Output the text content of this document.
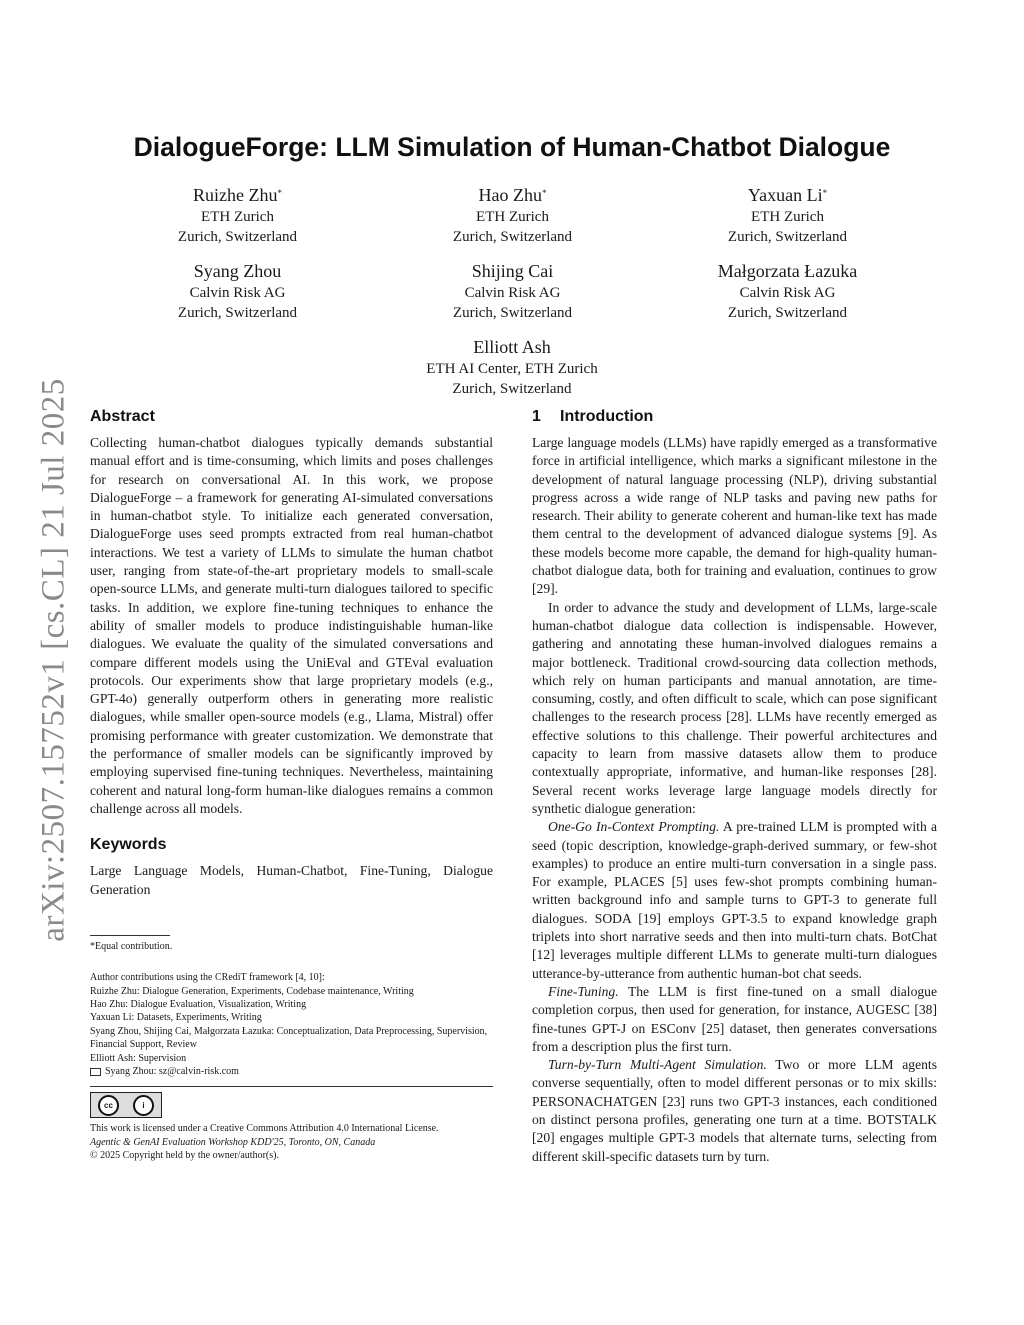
arXiv:2507.15752v1 [cs.CL] 21 Jul 2025
DialogueForge: LLM Simulation of Human-Chatbot Dialogue
Ruizhe Zhu*
ETH Zurich
Zurich, Switzerland
Hao Zhu*
ETH Zurich
Zurich, Switzerland
Yaxuan Li*
ETH Zurich
Zurich, Switzerland
Syang Zhou
Calvin Risk AG
Zurich, Switzerland
Shijing Cai
Calvin Risk AG
Zurich, Switzerland
Małgorzata Łazuka
Calvin Risk AG
Zurich, Switzerland
Elliott Ash
ETH AI Center, ETH Zurich
Zurich, Switzerland
Abstract

Collecting human-chatbot dialogues typically demands substantial manual effort and is time-consuming, which limits and poses challenges for research on conversational AI. In this work, we propose DialogueForge – a framework for generating AI-simulated conversations in human-chatbot style. To initialize each generated conversation, DialogueForge uses seed prompts extracted from real human-chatbot interactions. We test a variety of LLMs to simulate the human chatbot user, ranging from state-of-the-art proprietary models to small-scale open-source LLMs, and generate multi-turn dialogues tailored to specific tasks. In addition, we explore fine-tuning techniques to enhance the ability of smaller models to produce indistinguishable human-like dialogues. We evaluate the quality of the simulated conversations and compare different models using the UniEval and GTEval evaluation protocols. Our experiments show that large proprietary models (e.g., GPT-4o) generally outperform others in generating more realistic dialogues, while smaller open-source models (e.g., Llama, Mistral) offer promising performance with greater customization. We demonstrate that the performance of smaller models can be significantly improved by employing supervised fine-tuning techniques. Nevertheless, maintaining coherent and natural long-form human-like dialogues remains a common challenge across all models.

Keywords

Large Language Models, Human-Chatbot, Fine-Tuning, Dialogue Generation

*Equal contribution.
Author contributions using the CRediT framework [4, 10]:
Ruizhe Zhu: Dialogue Generation, Experiments, Codebase maintenance, Writing
Hao Zhu: Dialogue Evaluation, Visualization, Writing
Yaxuan Li: Datasets, Experiments, Writing
Syang Zhou, Shijing Cai, Małgorzata Łazuka: Conceptualization, Data Preprocessing, Supervision, Financial Support, Review
Elliott Ash: Supervision
Syang Zhou: sz@calvin-risk.com
cc	i
This work is licensed under a Creative Commons Attribution 4.0 International License.
Agentic & GenAI Evaluation Workshop KDD'25, Toronto, ON, Canada
© 2025 Copyright held by the owner/author(s).
1 Introduction

Large language models (LLMs) have rapidly emerged as a transformative force in artificial intelligence, which marks a significant milestone in the development of natural language processing (NLP), driving substantial progress across a wide range of NLP tasks and paving new paths for research. Their ability to generate coherent and human-like text has made them central to the development of advanced dialogue systems [9]. As these models become more capable, the demand for high-quality human-chatbot dialogue data, both for training and evaluation, continues to grow [29].

In order to advance the study and development of LLMs, large-scale human-chatbot dialogue data collection is indispensable. However, gathering and annotating these human-involved dialogues remains a major bottleneck. Traditional crowd-sourcing data collection methods, which rely on human participants and manual annotation, are time-consuming, costly, and often difficult to scale, which can pose significant challenges to the research process [28]. LLMs have recently emerged as effective solutions to this challenge. Their powerful architectures and capacity to learn from massive datasets allow them to produce contextually appropriate, informative, and human-like responses [28]. Several recent works leverage large language models directly for synthetic dialogue generation:

One-Go In-Context Prompting. A pre-trained LLM is prompted with a seed (topic description, knowledge-graph-derived summary, or few-shot examples) to produce an entire multi-turn conversation in a single pass. For example, PLACES [5] uses few-shot prompts combining human-written background info and sample turns to GPT-3 to generate full dialogues. SODA [19] employs GPT-3.5 to expand knowledge graph triplets into short narrative seeds and then into multi-turn chats. BotChat [12] leverages multiple different LLMs to generate multi-turn dialogues utterance-by-utterance from authentic human-bot chat seeds.

Fine-Tuning. The LLM is first fine-tuned on a small dialogue completion corpus, then used for generation, for instance, AUGESC [38] fine-tunes GPT-J on ESConv [25] dataset, then generates conversations from a description plus the first turn.

Turn-by-Turn Multi-Agent Simulation. Two or more LLM agents converse sequentially, often to model different personas or to mix skills: PERSONACHATGEN [23] runs two GPT-3 instances, each conditioned on distinct persona profiles, generating one turn at a time. BOTSTALK [20] engages multiple GPT-3 models that alternate turns, selecting from different skill-specific datasets turn by turn.
